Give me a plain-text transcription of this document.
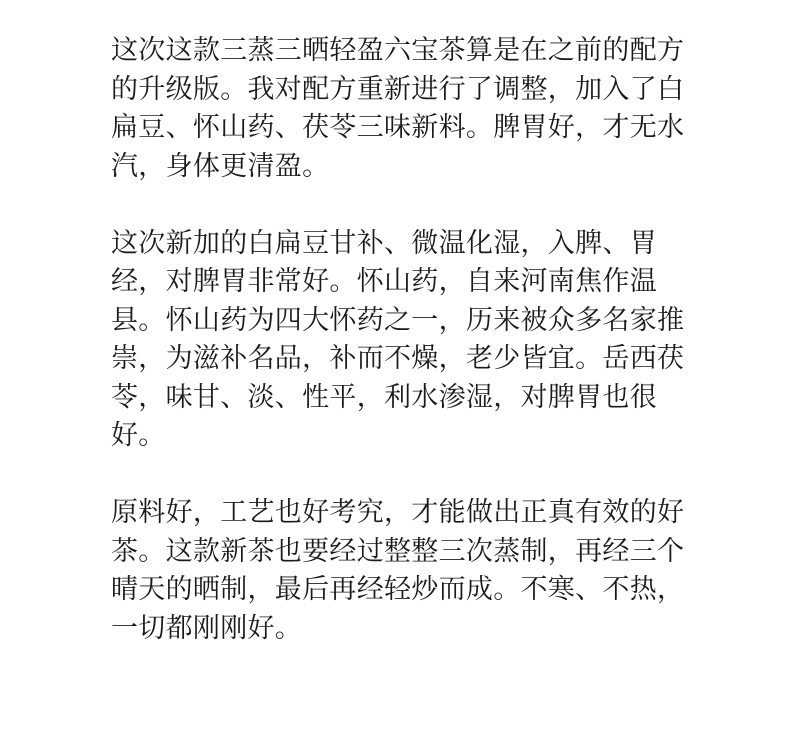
这次这款三蒸三晒轻盈六宝茶算是在之前的配方的升级版。我对配方重新进行了调整，加入了白扁豆、怀山药、茯苓三味新料。脾胃好，才无水汽，身体更清盈。

这次新加的白扁豆甘补、微温化湿，入脾、胃经，对脾胃非常好。怀山药，自来河南焦作温县。怀山药为四大怀药之一，历来被众多名家推崇，为滋补名品，补而不燥，老少皆宜。岳西茯苓，味甘、淡、性平，利水渗湿，对脾胃也很好。

原料好，工艺也好考究，才能做出正真有效的好茶。这款新茶也要经过整整三次蒸制，再经三个晴天的晒制，最后再经轻炒而成。不寒、不热，一切都刚刚好。
